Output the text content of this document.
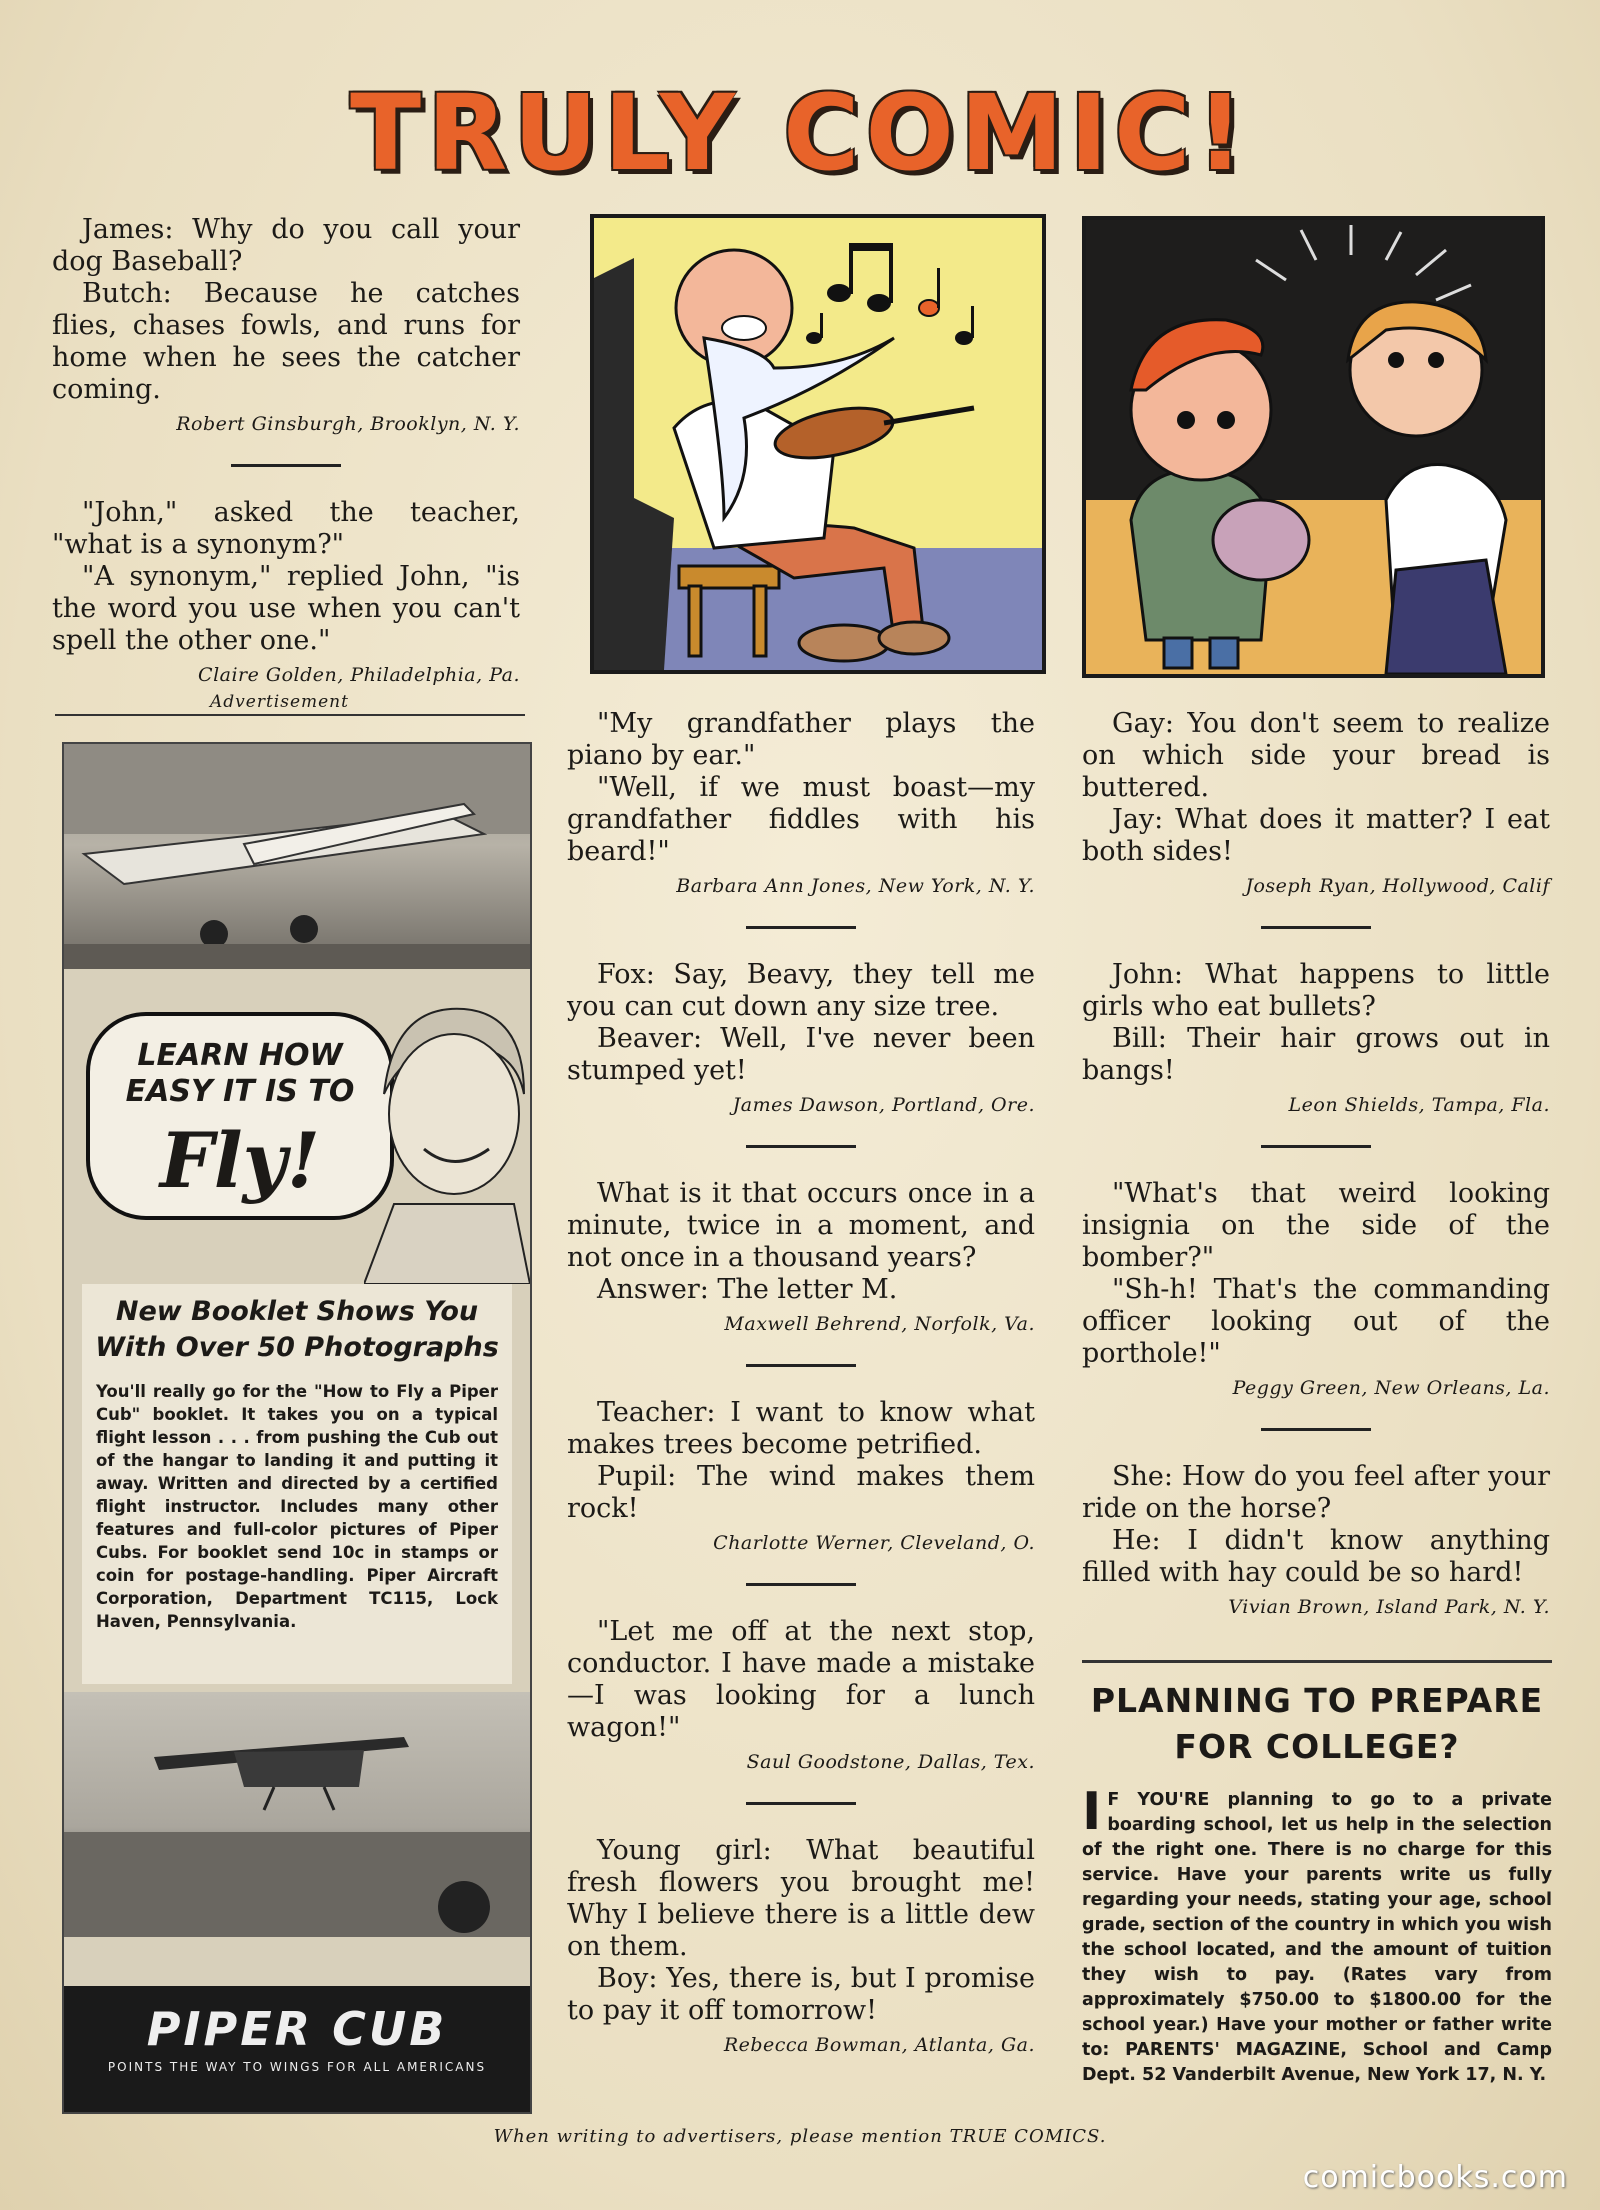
TRULY COMIC!

James: Why do you call your dog Baseball?

Butch: Because he catches flies, chases fowls, and runs for home when he sees the catcher coming.

Robert Ginsburgh, Brooklyn, N. Y.

"John," asked the teacher, "what is a synonym?"

"A synonym," replied John, "is the word you use when you can't spell the other one."

Claire Golden, Philadelphia, Pa.

"My grandfather plays the piano by ear."

"Well, if we must boast—my grandfather fiddles with his beard!"

Barbara Ann Jones, New York, N. Y.

Fox: Say, Beavy, they tell me you can cut down any size tree.

Beaver: Well, I've never been stumped yet!

James Dawson, Portland, Ore.

What is it that occurs once in a minute, twice in a moment, and not once in a thousand years?

Answer: The letter M.

Maxwell Behrend, Norfolk, Va.

Teacher: I want to know what makes trees become petrified.

Pupil: The wind makes them rock!

Charlotte Werner, Cleveland, O.

"Let me off at the next stop, conductor. I have made a mistake—I was looking for a lunch wagon!"

Saul Goodstone, Dallas, Tex.

Young girl: What beautiful fresh flowers you brought me! Why I believe there is a little dew on them.

Boy: Yes, there is, but I promise to pay it off tomorrow!

Rebecca Bowman, Atlanta, Ga.

Gay: You don't seem to realize on which side your bread is buttered.

Jay: What does it matter? I eat both sides!

Joseph Ryan, Hollywood, Calif

John: What happens to little girls who eat bullets?

Bill: Their hair grows out in bangs!

Leon Shields, Tampa, Fla.

"What's that weird looking insignia on the side of the bomber?"

"Sh-h! That's the commanding officer looking out of the porthole!"

Peggy Green, New Orleans, La.

She: How do you feel after your ride on the horse?

He: I didn't know anything filled with hay could be so hard!

Vivian Brown, Island Park, N. Y.
Advertisement
LEARN HOW
EASY IT IS TO
Fly!
New Booklet Shows You With Over 50 Photographs
You'll really go for the "How to Fly a Piper Cub" booklet. It takes you on a typical flight lesson . . . from pushing the Cub out of the hangar to landing it and putting it away. Written and directed by a certified flight instructor. Includes many other features and full-color pictures of Piper Cubs. For booklet send 10c in stamps or coin for postage-handling. Piper Aircraft Corporation, Department TC115, Lock Haven, Pennsylvania.
PIPER CUB
POINTS THE WAY TO WINGS FOR ALL AMERICANS
PLANNING TO PREPARE
FOR COLLEGE?
I F YOU'RE planning to go to a private boarding school, let us help in the selection of the right one. There is no charge for this service. Have your parents write us fully regarding your needs, stating your age, school grade, section of the country in which you wish the school located, and the amount of tuition they wish to pay. (Rates vary from approximately $750.00 to $1800.00 for the school year.) Have your mother or father write to: PARENTS' MAGAZINE, School and Camp Dept. 52 Vanderbilt Avenue, New York 17, N. Y.
When writing to advertisers, please mention TRUE COMICS.
comicbooks.com
